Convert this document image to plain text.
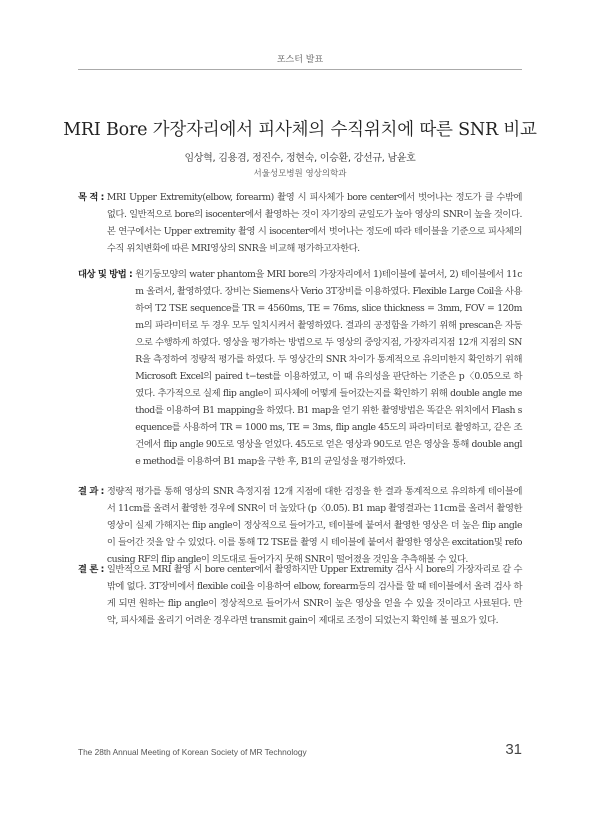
포스터 발표
MRI Bore 가장자리에서 피사체의 수직위치에 따른 SNR 비교
임상혁, 김용겸, 정진수, 정현숙, 이승환, 강선규, 남윤호
서울성모병원 영상의학과
목 적 : MRI Upper Extremity(elbow, forearm) 촬영 시 피사체가 bore center에서 벗어나는 정도가 클 수밖에 없다. 일반적으로 bore의 isocenter에서 촬영하는 것이 자기장의 균일도가 높아 영상의 SNR이 높을 것이다. 본 연구에서는 Upper extremity 촬영 시 isocenter에서 벗어나는 정도에 따라 테이블을 기준으로 피사체의 수직 위치변화에 따른 MRI영상의 SNR을 비교해 평가하고자한다.
대상 및 방법 : 원기둥모양의 water phantom을 MRI bore의 가장자리에서 1)테이블에 붙여서, 2) 테이블에서 11cm 올려서, 촬영하였다. 장비는 Siemens사 Verio 3T장비를 이용하였다. Flexible Large Coil을 사용하여 T2 TSE sequence를 TR = 4560ms, TE = 76ms, slice thickness = 3mm, FOV = 120mm의 파라미터로 두 경우 모두 일치시켜서 촬영하였다. 결과의 공정함을 가하기 위해 prescan은 자동으로 수행하게 하였다. 영상을 평가하는 방법으로 두 영상의 중앙지점, 가장자리지점 12개 지점의 SNR을 측정하여 정량적 평가를 하였다. 두 영상간의 SNR 차이가 통계적으로 유의미한지 확인하기 위해 Microsoft Excel의 paired t−test를 이용하였고, 이 때 유의성을 판단하는 기준은 p〈0.05으로 하였다. 추가적으로 실제 flip angle이 피사체에 어떻게 들어갔는지를 확인하기 위해 double angle method를 이용하여 B1 mapping을 하였다. B1 map을 얻기 위한 촬영방법은 똑같은 위치에서 Flash sequence를 사용하여 TR = 1000 ms, TE = 3ms, flip angle 45도의 파라미터로 촬영하고, 같은 조건에서 flip angle 90도로 영상을 얻었다. 45도로 얻은 영상과 90도로 얻은 영상을 통해 double angle method를 이용하여 B1 map을 구한 후, B1의 균일성을 평가하였다.
결 과 : 정량적 평가를 통해 영상의 SNR 측정지점 12개 지점에 대한 검정을 한 결과 통계적으로 유의하게 테이블에서 11cm를 올려서 촬영한 경우에 SNR이 더 높았다 (p〈0.05). B1 map 촬영결과는 11cm를 올려서 촬영한 영상이 실제 가해지는 flip angle이 정상적으로 들어가고, 테이블에 붙여서 촬영한 영상은 더 높은 flip angle이 들어간 것을 알 수 있었다. 이를 통해 T2 TSE를 촬영 시 테이블에 붙여서 촬영한 영상은 excitation및 refocusing RF의 flip angle이 의도대로 들어가지 못해 SNR이 떨어졌을 것임을 추측해볼 수 있다.
결 론 : 일반적으로 MRI 촬영 시 bore center에서 촬영하지만 Upper Extremity 검사 시 bore의 가장자리로 갈 수 밖에 없다. 3T장비에서 flexible coil을 이용하여 elbow, forearm등의 검사를 할 때 테이블에서 올려 검사 하게 되면 원하는 flip angle이 정상적으로 들어가서 SNR이 높은 영상을 얻을 수 있을 것이라고 사료된다. 만약, 피사체를 올리기 어려운 경우라면 transmit gain이 제대로 조정이 되었는지 확인해 볼 필요가 있다.
The 28th Annual Meeting of Korean Society of MR Technology	31
